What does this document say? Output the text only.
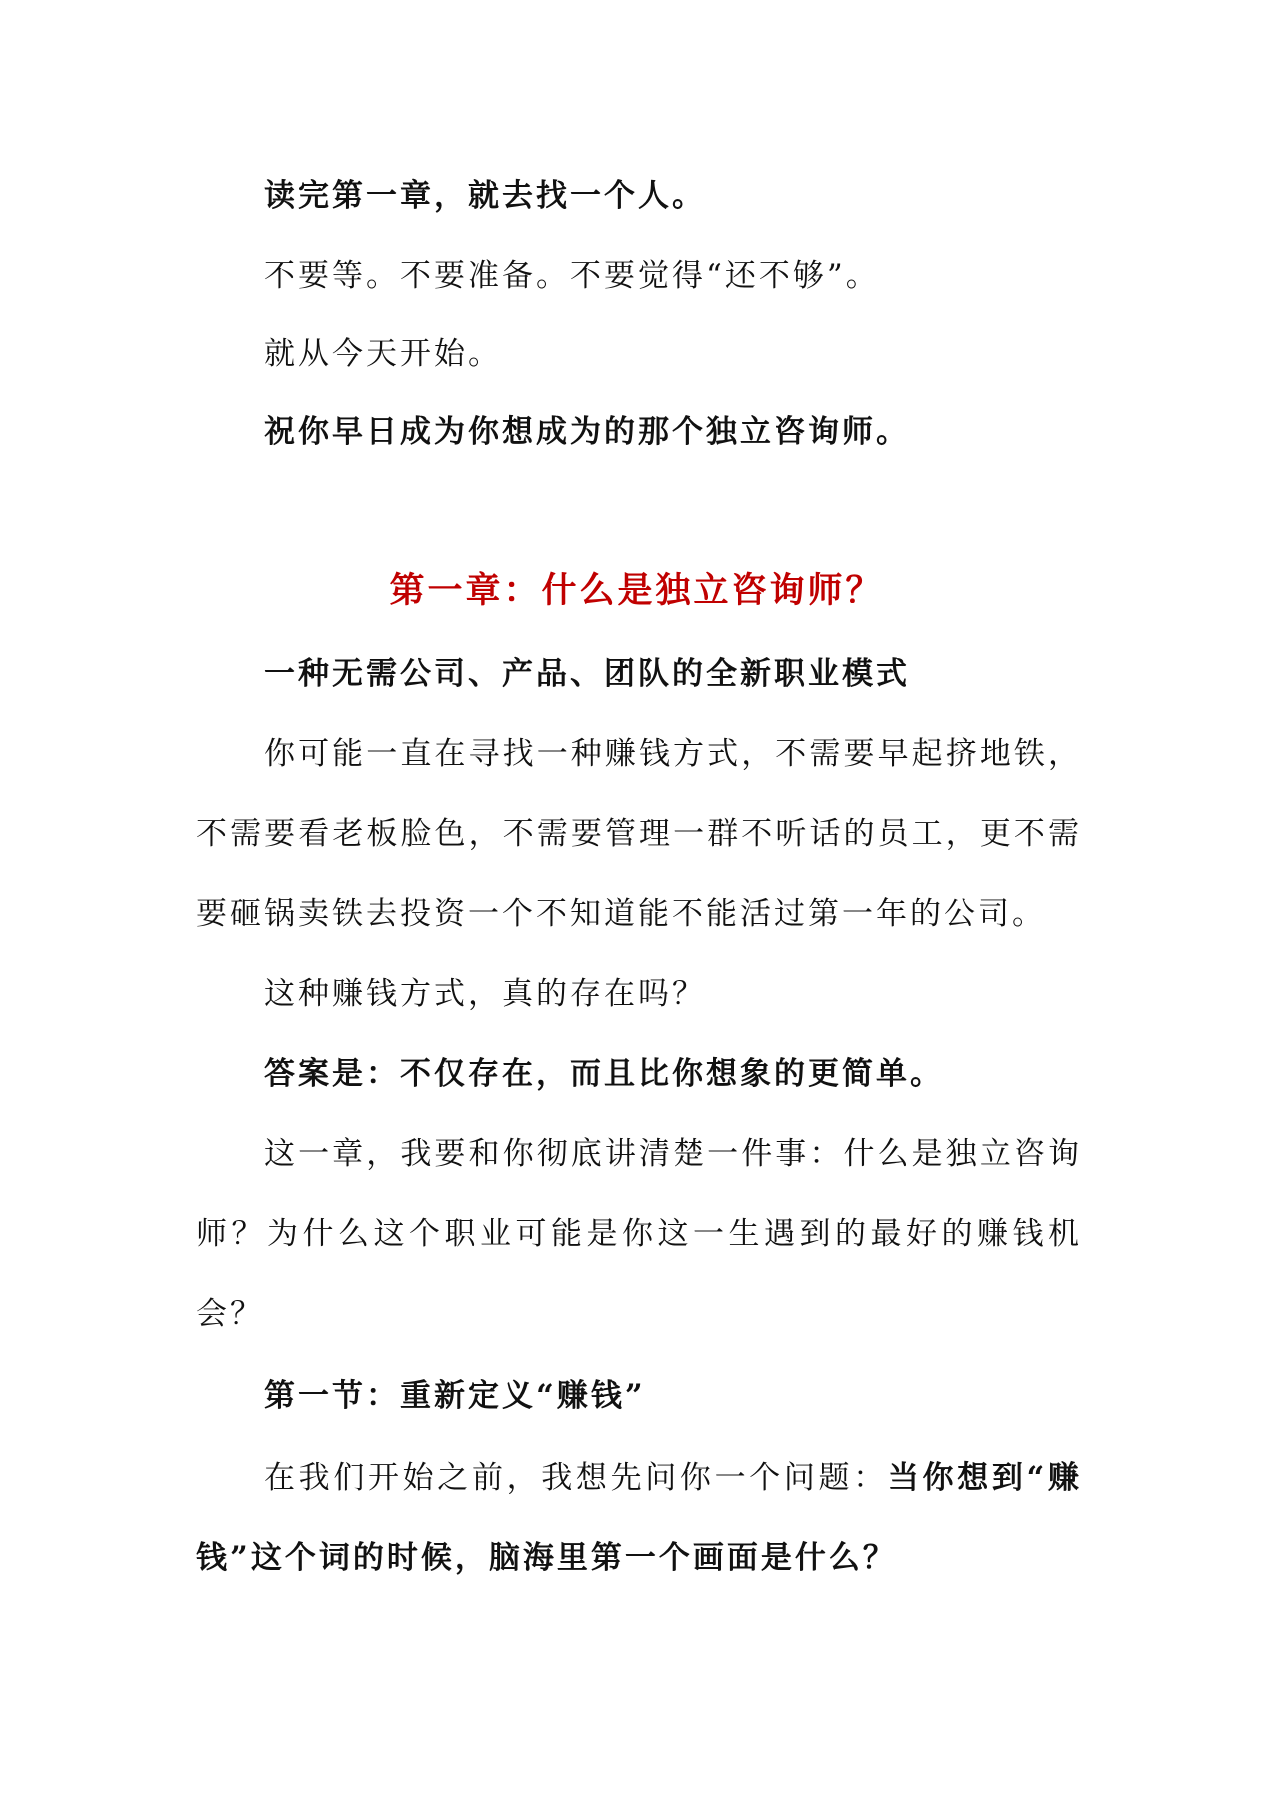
读完第一章，就去找一个人。
不要等。不要准备。不要觉得“还不够”。
就从今天开始。
祝你早日成为你想成为的那个独立咨询师。
第一章：什么是独立咨询师？
一种无需公司、产品、团队的全新职业模式
你可能一直在寻找一种赚钱方式，不需要早起挤地铁，
不需要看老板脸色，不需要管理一群不听话的员工，更不需
要砸锅卖铁去投资一个不知道能不能活过第一年的公司。
这种赚钱方式，真的存在吗？
答案是：不仅存在，而且比你想象的更简单。
这一章，我要和你彻底讲清楚一件事：什么是独立咨询
师？为什么这个职业可能是你这一生遇到的最好的赚钱机
会？
第一节：重新定义“赚钱”
在我们开始之前，我想先问你一个问题：当你想到“赚
钱”这个词的时候，脑海里第一个画面是什么？
